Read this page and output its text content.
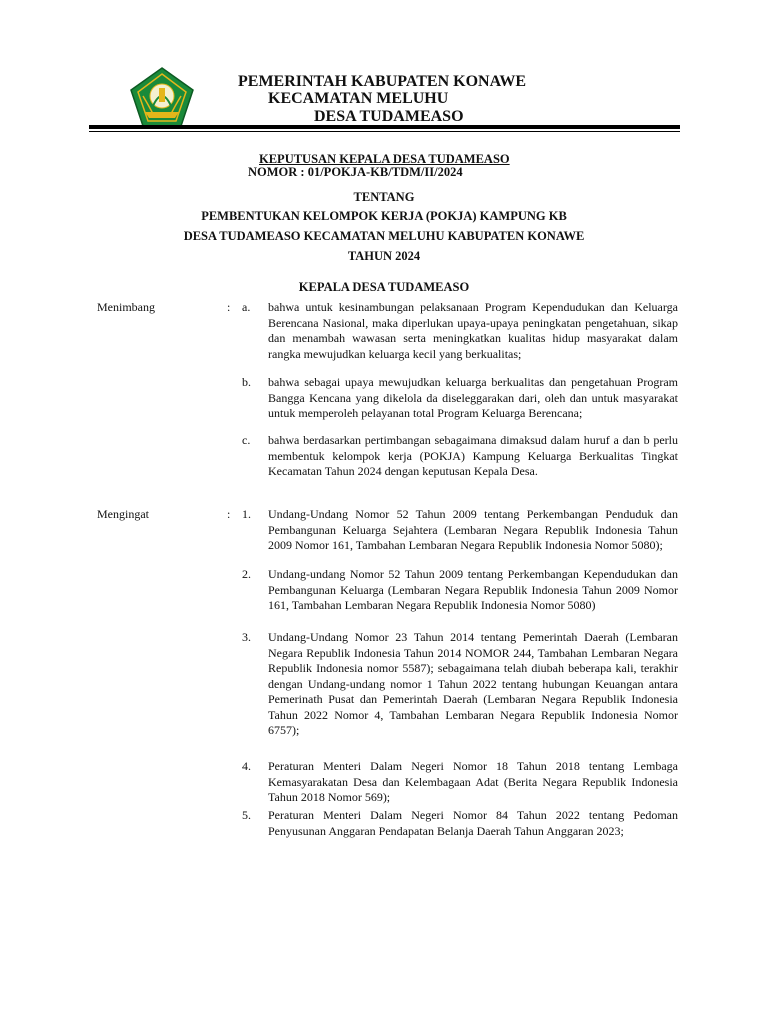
PEMERINTAH KABUPATEN KONAWE
KECAMATAN MELUHU
DESA TUDAMEASO
KEPUTUSAN KEPALA DESA TUDAMEASO
NOMOR : 01/POKJA-KB/TDM/II/2024
TENTANG
PEMBENTUKAN KELOMPOK KERJA (POKJA) KAMPUNG KB
DESA TUDAMEASO KECAMATAN MELUHU KABUPATEN KONAWE
TAHUN 2024
KEPALA DESA TUDAMEASO
Menimbang	: a. bahwa untuk kesinambungan pelaksanaan Program Kependudukan dan Keluarga Berencana Nasional, maka diperlukan upaya-upaya peningkatan pengetahuan, sikap dan menambah wawasan serta meningkatkan kualitas hidup masyarakat dalam rangka mewujudkan keluarga kecil yang berkualitas;
b. bahwa sebagai upaya mewujudkan keluarga berkualitas dan pengetahuan Program Bangga Kencana yang dikelola da diseleggarakan dari, oleh dan untuk masyarakat untuk memperoleh pelayanan total Program Keluarga Berencana;
c. bahwa berdasarkan pertimbangan sebagaimana dimaksud dalam huruf a dan b perlu membentuk kelompok kerja (POKJA) Kampung Keluarga Berkualitas Tingkat Kecamatan Tahun 2024 dengan keputusan Kepala Desa.
Mengingat	: 1. Undang-Undang Nomor 52 Tahun 2009 tentang Perkembangan Penduduk dan Pembangunan Keluarga Sejahtera (Lembaran Negara Republik Indonesia Tahun 2009 Nomor 161, Tambahan Lembaran Negara Republik Indonesia Nomor 5080);
2. Undang-undang Nomor 52 Tahun 2009 tentang Perkembangan Kependudukan dan Pembangunan Keluarga (Lembaran Negara Republik Indonesia Tahun 2009 Nomor 161, Tambahan Lembaran Negara Republik Indonesia Nomor 5080)
3. Undang-Undang Nomor 23 Tahun 2014 tentang Pemerintah Daerah (Lembaran Negara Republik Indonesia Tahun 2014 NOMOR 244, Tambahan Lembaran Negara Republik Indonesia nomor 5587); sebagaimana telah diubah beberapa kali, terakhir dengan Undang-undang nomor 1 Tahun 2022 tentang hubungan Keuangan antara Pemerinath Pusat dan Pemerintah Daerah (Lembaran Negara Republik Indonesia Tahun 2022 Nomor 4, Tambahan Lembaran Negara Republik Indonesia Nomor 6757);
4. Peraturan Menteri Dalam Negeri Nomor 18 Tahun 2018 tentang Lembaga Kemasyarakatan Desa dan Kelembagaan Adat (Berita Negara Republik Indonesia Tahun 2018 Nomor 569);
5. Peraturan Menteri Dalam Negeri Nomor 84 Tahun 2022 tentang Pedoman Penyusunan Anggaran Pendapatan Belanja Daerah Tahun Anggaran 2023;
